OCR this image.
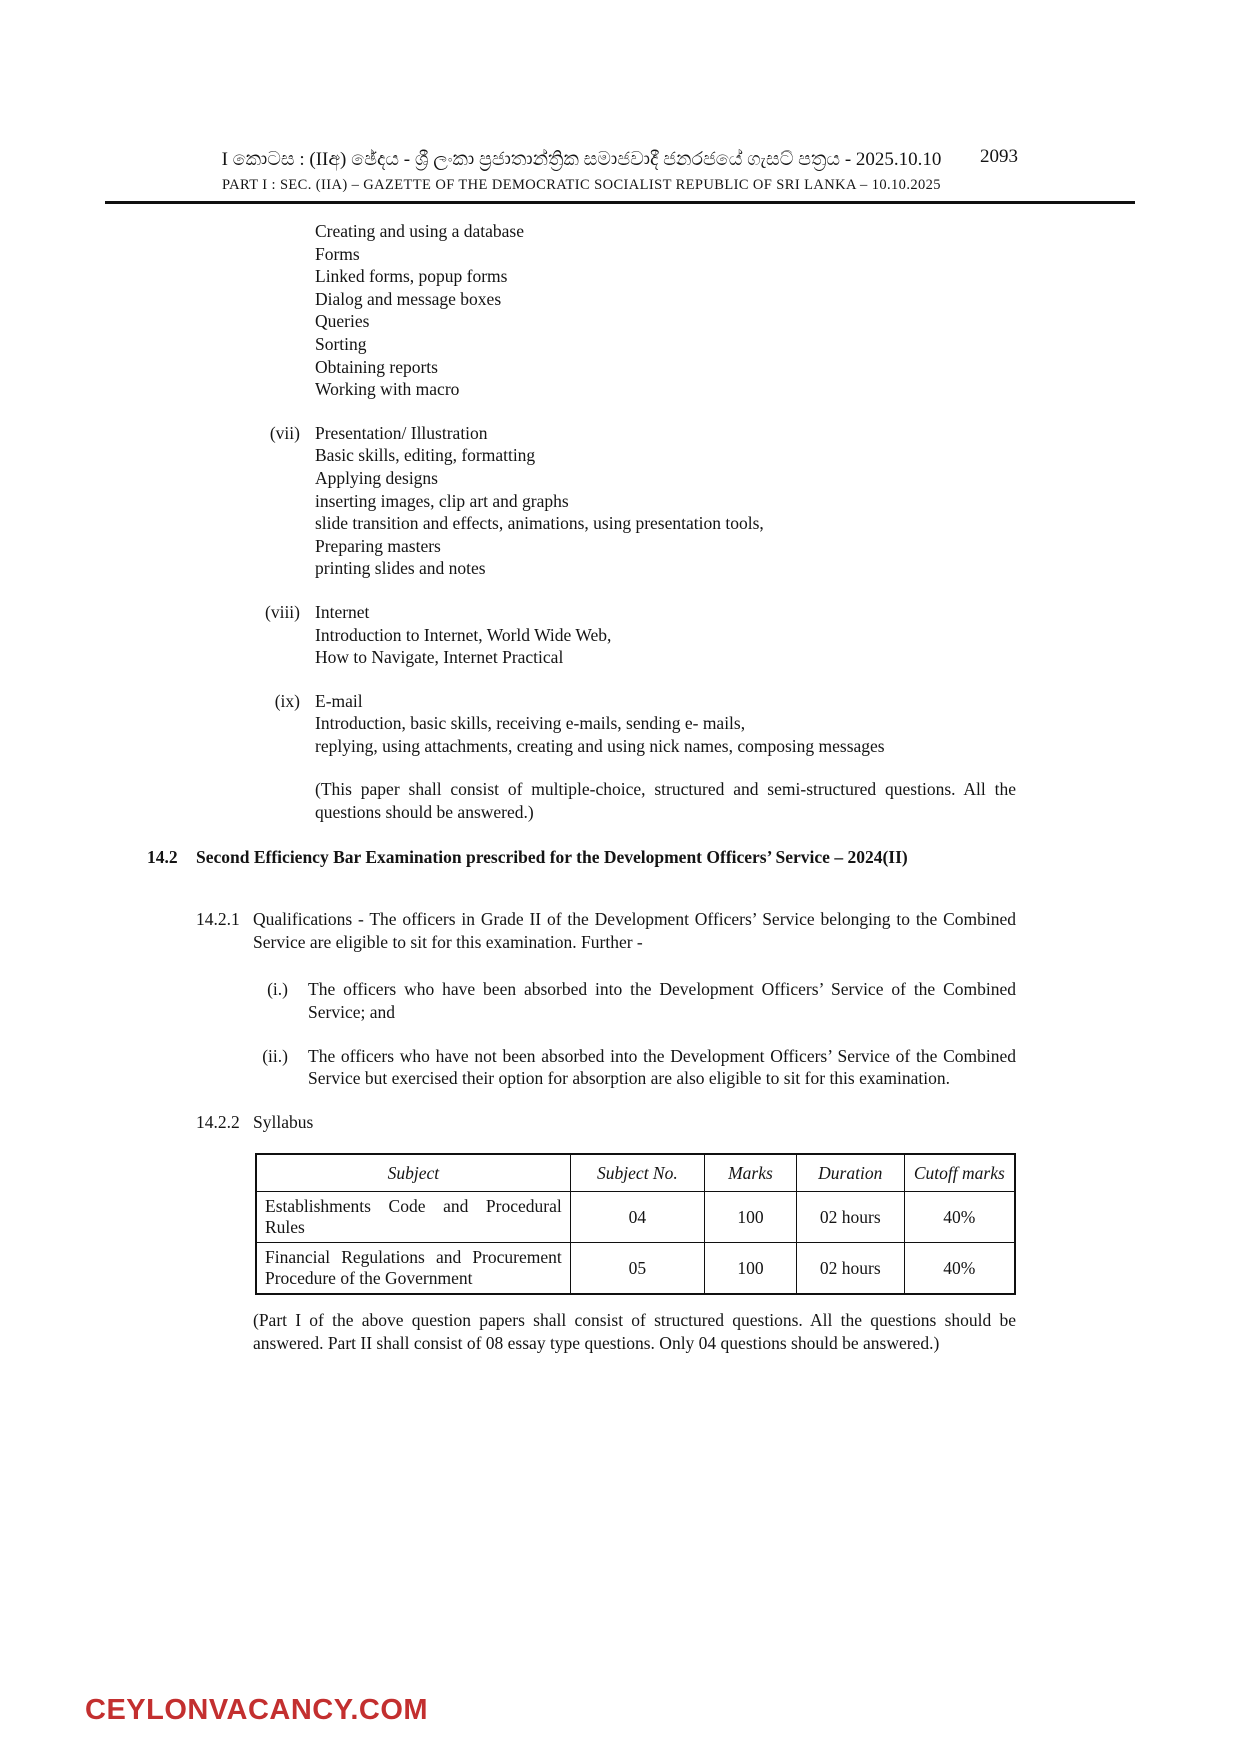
I කොටස : (IIඅ) ඡේදය - ශ්‍රී ලංකා ප්‍රජාතාන්ත්‍රික සමාජවාදී ජනරජයේ ගැසට් පත්‍රය - 2025.10.10	2093
PART I : SEC. (IIA) – GAZETTE OF THE DEMOCRATIC SOCIALIST REPUBLIC OF SRI LANKA – 10.10.2025
Creating and using a database
Forms
Linked forms, popup forms
Dialog and message boxes
Queries
Sorting
Obtaining reports
Working with macro
(vii) Presentation/ Illustration
Basic skills, editing, formatting
Applying designs
inserting images, clip art and graphs
slide transition and effects, animations, using presentation tools,
Preparing masters
printing slides and notes
(viii) Internet
Introduction to Internet, World Wide Web,
How to Navigate, Internet Practical
(ix) E-mail
Introduction, basic skills, receiving e-mails, sending e- mails,
replying, using attachments, creating and using nick names, composing messages

(This paper shall consist of multiple-choice, structured and semi-structured questions. All the questions should be answered.)

14.2	Second Efficiency Bar Examination prescribed for the Development Officers’ Service – 2024(II)
14.2.1 Qualifications - The officers in Grade II of the Development Officers’ Service belonging to the Combined Service are eligible to sit for this examination. Further -
(i.)	The officers who have been absorbed into the Development Officers’ Service of the Combined Service; and
(ii.)	The officers who have not been absorbed into the Development Officers’ Service of the Combined Service but exercised their option for absorption are also eligible to sit for this examination.
14.2.2 Syllabus
Subject	Subject No.	Marks	Duration	Cutoff marks
Establishments Code and Procedural Rules	04	100	02 hours	40%
Financial Regulations and Procurement Procedure of the Government	05	100	02 hours	40%

(Part I of the above question papers shall consist of structured questions. All the questions should be answered. Part II shall consist of 08 essay type questions. Only 04 questions should be answered.)

CEYLONVACANCY.COM
